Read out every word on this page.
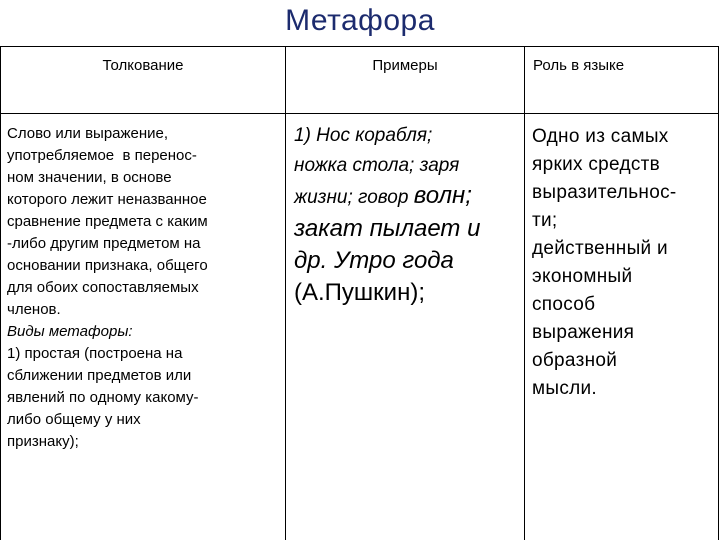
Метафора
Толкование	Примеры	Роль в языке
Слово или выражение,
употребляемое  в перенос-
ном значении, в основе
которого лежит неназванное
сравнение предмета с каким
-либо другим предметом на
основании признака, общего
для обоих сопоставляемых
членов.
Виды метафоры:
1) простая (построена на
сближении предметов или
явлений по одному какому-
либо общему у них
признаку);
1) Нос корабля;
ножка стола; заря
жизни; говор волн;
закат пылает и
др. Утро года
(А.Пушкин);
Одно из самых
ярких средств
выразительнос-
ти;
действенный и
экономный
способ
выражения
образной
мысли.
